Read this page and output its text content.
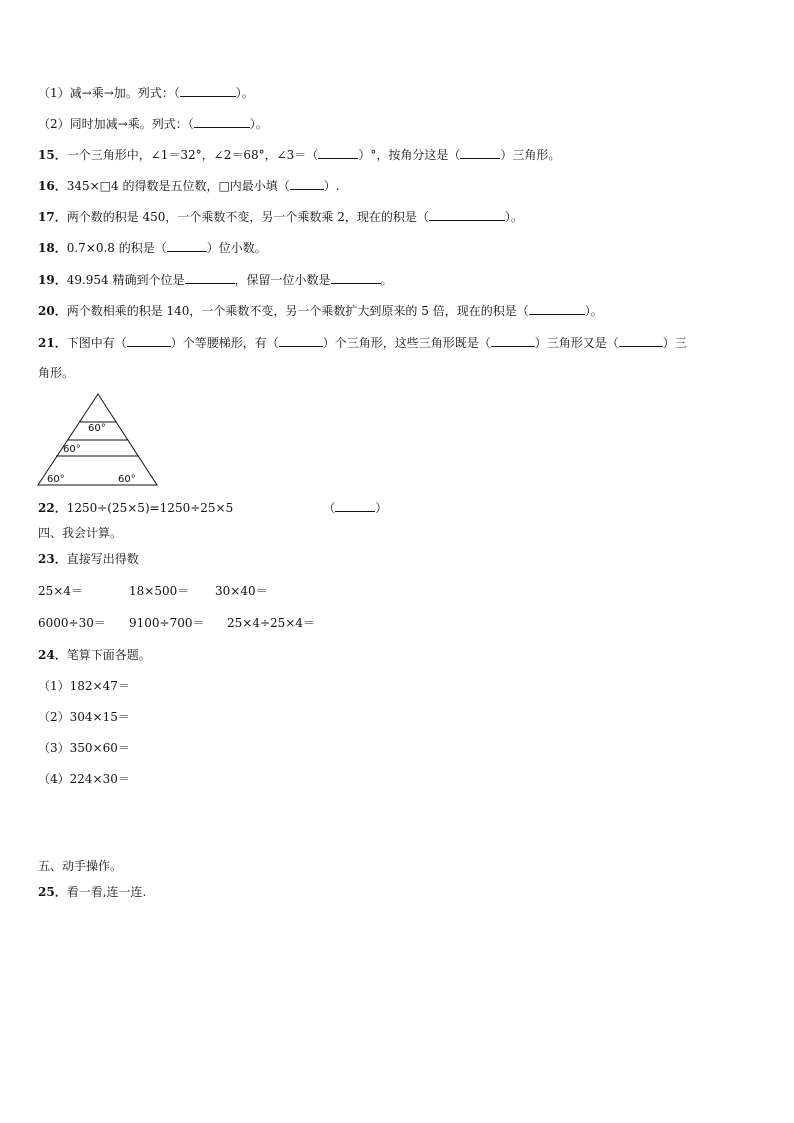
（1）减→乘→加。列式：（	）。
（2）同时加减→乘。列式：（	）。
15．一个三角形中，∠1＝32°，∠2＝68°，∠3＝（	）°，按角分这是（	）三角形。
16．345×□4 的得数是五位数，□内最小填（	）.
17．两个数的积是 450，一个乘数不变，另一个乘数乘 2，现在的积是（	）。
18．0.7×0.8 的积是（	）位小数。
19．49.954 精确到个位是	，保留一位小数是	。
20．两个数相乘的积是 140，一个乘数不变，另一个乘数扩大到原来的 5 倍，现在的积是（	）。
21．下图中有（	）个等腰梯形，有（	）个三角形，这些三角形既是（	）三角形又是（	）三
角形。
60°
60°
60°	60°
22．1250÷(25×5)=1250÷25×5	（	）
四、我会计算。
23．直接写出得数
25×4＝	18×500＝ 30×40＝
6000÷30＝ 9100÷700＝ 25×4÷25×4＝
24．笔算下面各题。
（1）182×47＝
（2）304×15＝
（3）350×60＝
（4）224×30＝
五、动手操作。
25．看一看,连一连.
